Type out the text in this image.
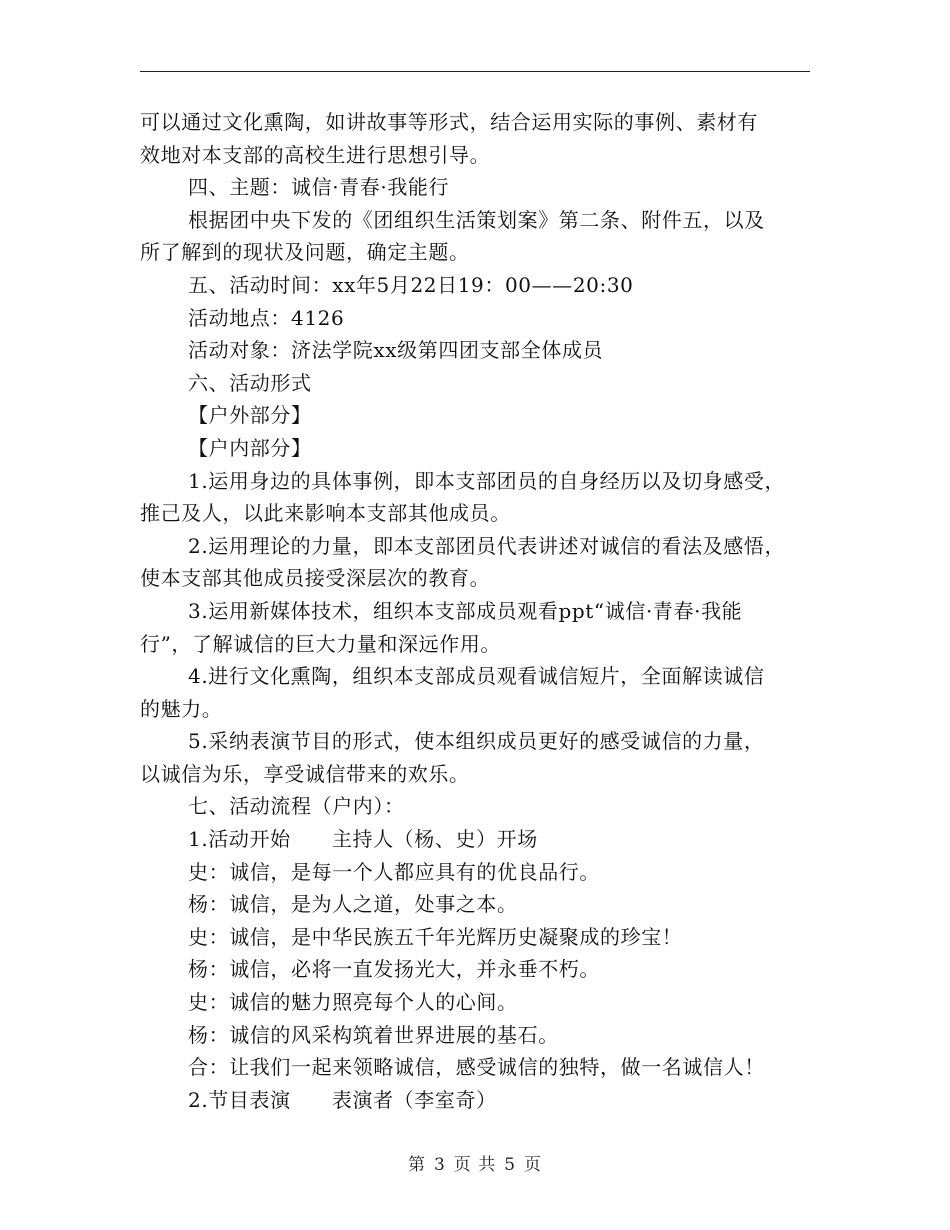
可以通过文化熏陶，如讲故事等形式，结合运用实际的事例、素材有
效地对本支部的高校生进行思想引导。
四、主题：诚信·青春·我能行
根据团中央下发的《团组织生活策划案》第二条、附件五，以及
所了解到的现状及问题，确定主题。
五、活动时间：xx年5月22日19：00——20:30
活动地点：4126
活动对象：济法学院xx级第四团支部全体成员
六、活动形式
【户外部分】
【户内部分】
1.运用身边的具体事例，即本支部团员的自身经历以及切身感受，
推己及人，以此来影响本支部其他成员。
2.运用理论的力量，即本支部团员代表讲述对诚信的看法及感悟，
使本支部其他成员接受深层次的教育。
3.运用新媒体技术，组织本支部成员观看ppt“诚信·青春·我能
行”，了解诚信的巨大力量和深远作用。
4.进行文化熏陶，组织本支部成员观看诚信短片，全面解读诚信
的魅力。
5.采纳表演节目的形式，使本组织成员更好的感受诚信的力量，
以诚信为乐，享受诚信带来的欢乐。
七、活动流程（户内）：
1.活动开始　　主持人（杨、史）开场
史：诚信，是每一个人都应具有的优良品行。
杨：诚信，是为人之道，处事之本。
史：诚信，是中华民族五千年光辉历史凝聚成的珍宝！
杨：诚信，必将一直发扬光大，并永垂不朽。
史：诚信的魅力照亮每个人的心间。
杨：诚信的风采构筑着世界进展的基石。
合：让我们一起来领略诚信，感受诚信的独特，做一名诚信人！
2.节目表演　　表演者（李室奇）
第 3 页 共 5 页
